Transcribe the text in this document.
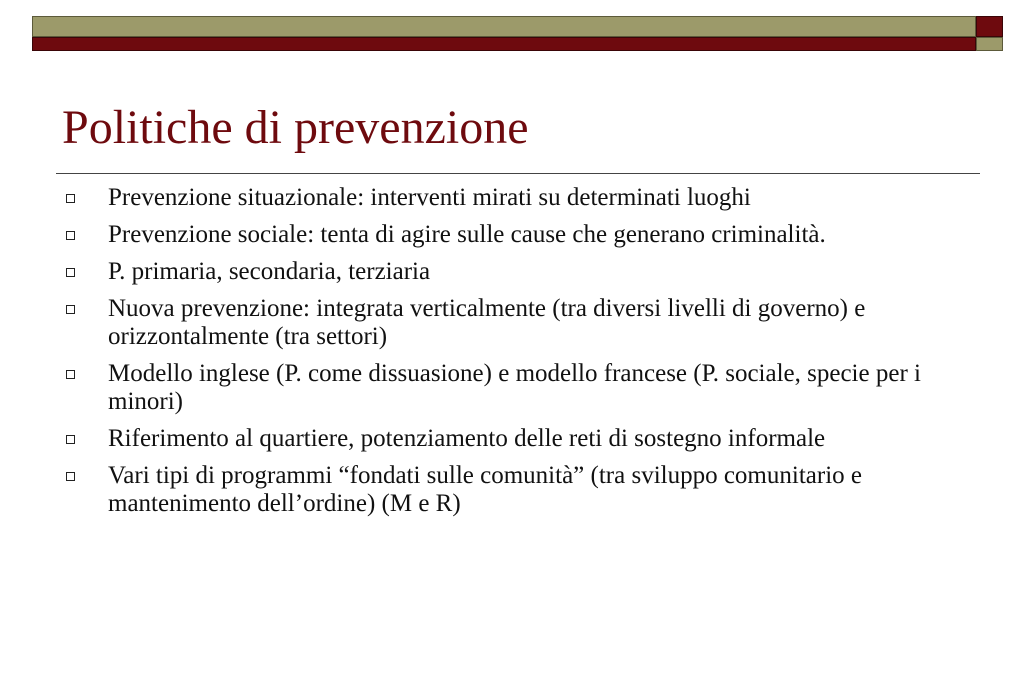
Politiche di prevenzione
Prevenzione situazionale: interventi mirati su determinati luoghi
Prevenzione sociale: tenta di agire sulle cause che generano criminalità.
P. primaria, secondaria, terziaria
Nuova prevenzione: integrata verticalmente (tra diversi livelli di governo) e orizzontalmente (tra settori)
Modello inglese (P. come dissuasione) e modello francese (P. sociale, specie per i minori)
Riferimento al quartiere, potenziamento delle reti di sostegno informale
Vari tipi di programmi “fondati sulle comunità” (tra sviluppo comunitario e mantenimento dell’ordine) (M e R)
